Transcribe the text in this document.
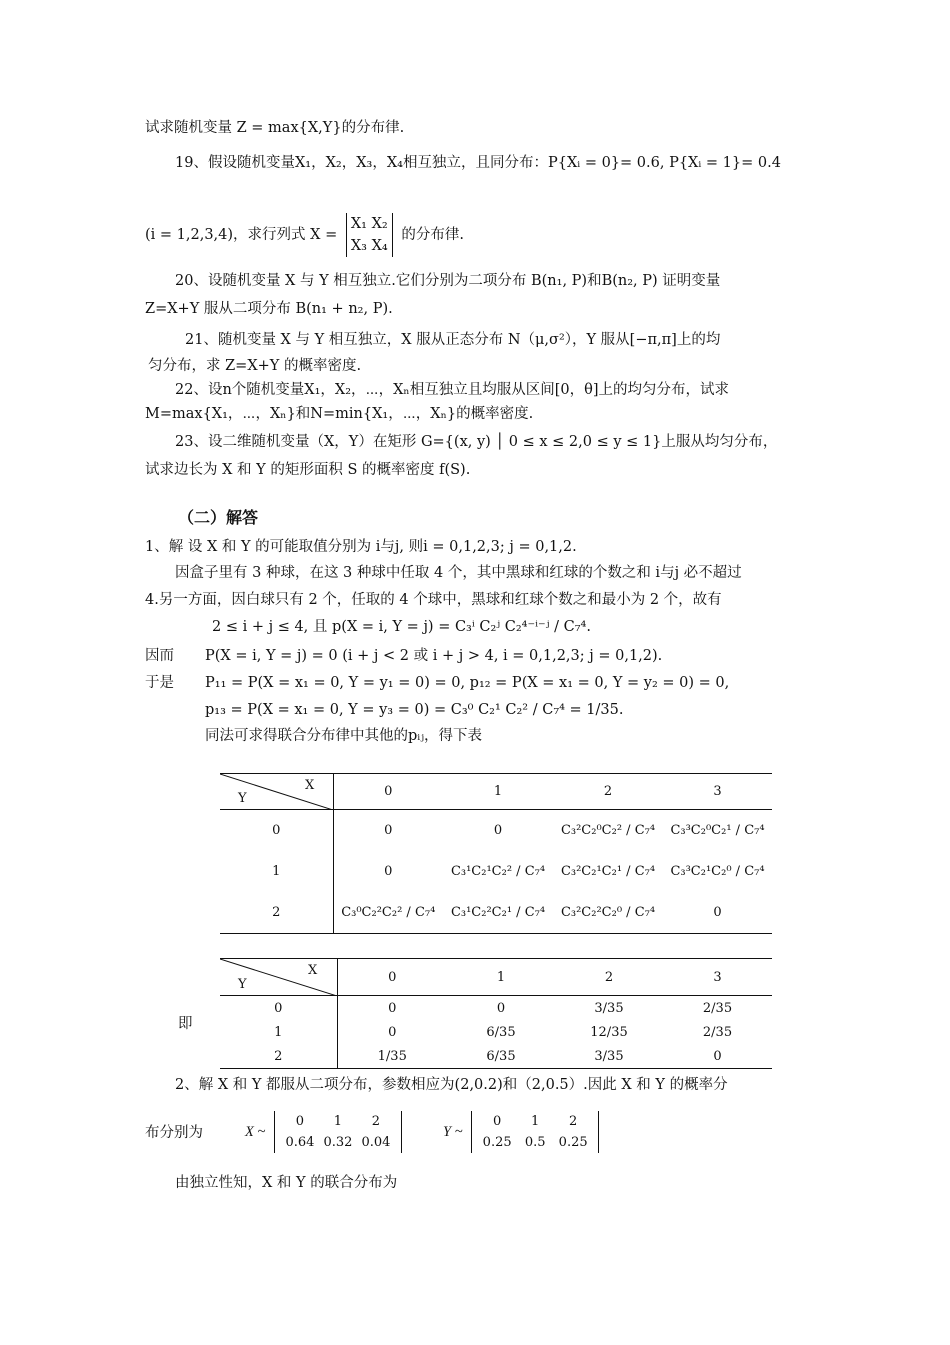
试求随机变量 Z = max{X,Y}的分布律.
19、假设随机变量X₁，X₂，X₃，X₄相互独立，且同分布：P{Xᵢ = 0}= 0.6, P{Xᵢ = 1}= 0.4
(i = 1,2,3,4)，求行列式 X =
X₁ X₂
X₃ X₄
的分布律.
20、设随机变量 X 与 Y 相互独立.它们分别为二项分布 B(n₁, P)和B(n₂, P) 证明变量
Z=X+Y 服从二项分布 B(n₁ + n₂, P).
21、随机变量 X 与 Y 相互独立，X 服从正态分布 N（μ,σ²），Y 服从[−π,π]上的均
匀分布，求 Z=X+Y 的概率密度.
22、设n个随机变量X₁，X₂，⋯，Xₙ相互独立且均服从区间[0，θ]上的均匀分布，试求
M=max{X₁，⋯，Xₙ}和N=min{X₁，⋯，Xₙ}的概率密度.
23、设二维随机变量（X，Y）在矩形 G={(x, y) │ 0 ≤ x ≤ 2,0 ≤ y ≤ 1}上服从均匀分布，
试求边长为 X 和 Y 的矩形面积 S 的概率密度 f(S).
（二）解答
1、解 设 X 和 Y 的可能取值分别为 i与j, 则i = 0,1,2,3; j = 0,1,2.
因盒子里有 3 种球，在这 3 种球中任取 4 个，其中黑球和红球的个数之和 i与j 必不超过
4.另一方面，因白球只有 2 个，任取的 4 个球中，黑球和红球个数之和最小为 2 个，故有
2 ≤ i + j ≤ 4, 且 p(X = i, Y = j) = C₃ⁱ C₂ʲ C₂⁴⁻ⁱ⁻ʲ / C₇⁴.
因而 P(X = i, Y = j) = 0 (i + j < 2 或 i + j > 4, i = 0,1,2,3; j = 0,1,2).
于是 P₁₁ = P(X = x₁ = 0, Y = y₁ = 0) = 0, p₁₂ = P(X = x₁ = 0, Y = y₂ = 0) = 0,
p₁₃ = P(X = x₁ = 0, Y = y₃ = 0) = C₃⁰ C₂¹ C₂² / C₇⁴ = 1/35.
同法可求得联合分布律中其他的pᵢⱼ，得下表
X
Y	0	1	2	3
0	0	0	C₃²C₂⁰C₂² / C₇⁴	C₃³C₂⁰C₂¹ / C₇⁴
1	0	C₃¹C₂¹C₂² / C₇⁴	C₃²C₂¹C₂¹ / C₇⁴	C₃³C₂¹C₂⁰ / C₇⁴
2	C₃⁰C₂²C₂² / C₇⁴	C₃¹C₂²C₂¹ / C₇⁴	C₃²C₂²C₂⁰ / C₇⁴	0
即
X
Y	0	1	2	3
0	0	0	3/35	2/35
1	0	6/35	12/35	2/35
2	1/35	6/35	3/35	0
2、解 X 和 Y 都服从二项分布，参数相应为(2,0.2)和（2,0.5）.因此 X 和 Y 的概率分
布分别为	X ~
0 1 2
0.64 0.32 0.04
Y ~
0 1 2
0.25 0.5 0.25
由独立性知，X 和 Y 的联合分布为
